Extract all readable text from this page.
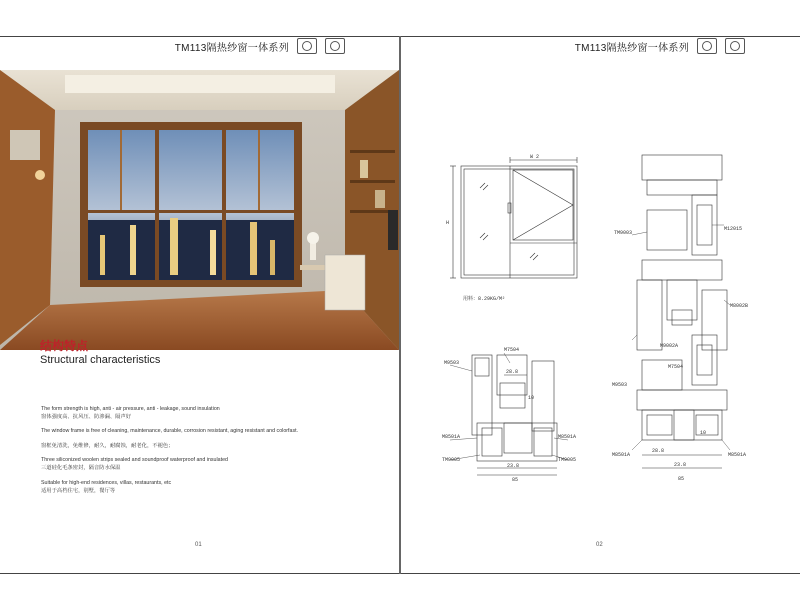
TM113隔热纱窗一体系列
结构特点
Structural characteristics
The form strength is high, anti - air pressure, anti - leakage, sound insulation
窗体强度高、抗风压、防渗漏、隔声好
The window frame is free of cleaning, maintenance, durable, corrosion resistant, aging resistant and colorfast.
窗框免清洗，免维修，耐久，耐腐蚀，耐老化，不褪色；
Three siliconized woolen strips sealed and soundproof waterproof and insulated
三道硅化毛条密封，隔音防水保温
Suitable for high-end residences, villas, restaurants, etc
适用于高档住宅，别墅，餐厅等
01
TM113隔热纱窗一体系列
W 2
H
用料：8.29KG/M²
M9503
M7504
28.8
10
M8501A	M8501A
TM9005	TM9005
23.8
85
TM9003
M12015
M8002B
M9002A
M7504
M9503
10
M8501A	M8501A
28.8
23.8
85
02
